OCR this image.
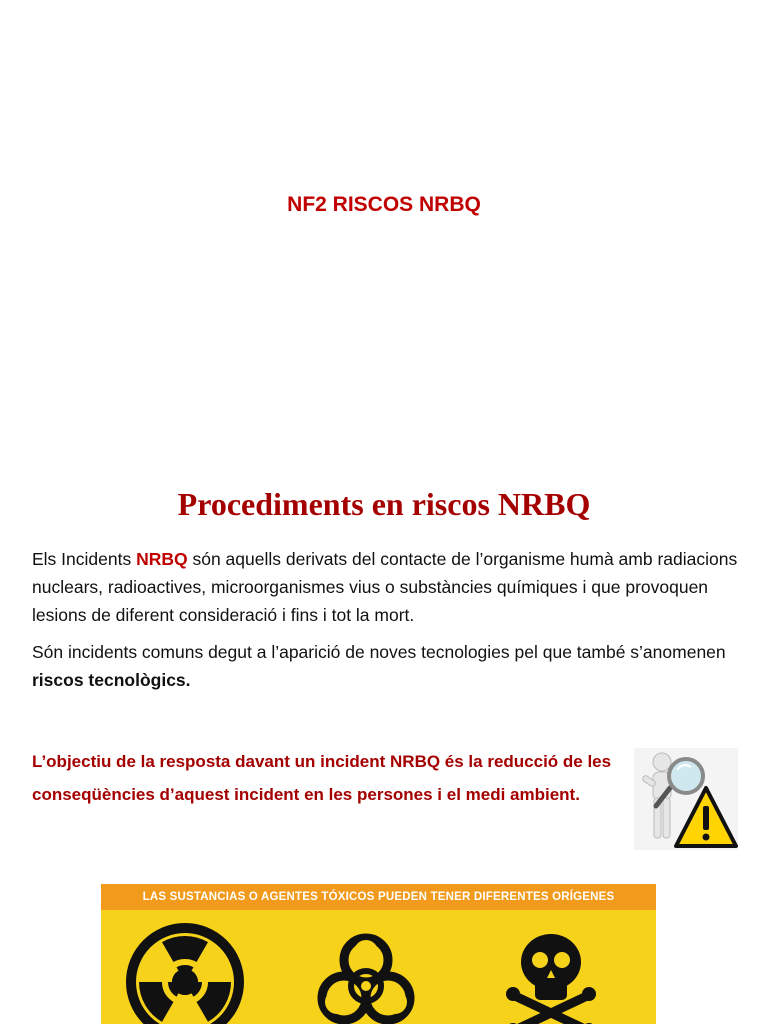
NF2 RISCOS NRBQ
Procediments en riscos NRBQ

Els Incidents NRBQ són aquells derivats del contacte de l’organisme humà amb radiacions nuclears, radioactives, microorganismes vius o substàncies químiques i que provoquen lesions de diferent consideració i fins i tot la mort.

Són incidents comuns degut a l’aparició de noves tecnologies pel que també s’anomenen riscos tecnològics.

L’objectiu de la resposta davant un incident NRBQ és la reducció de les conseqüències d’aquest incident en les persones i el medi ambient.

LAS SUSTANCIAS O AGENTES TÓXICOS PUEDEN TENER DIFERENTES ORÍGENES
